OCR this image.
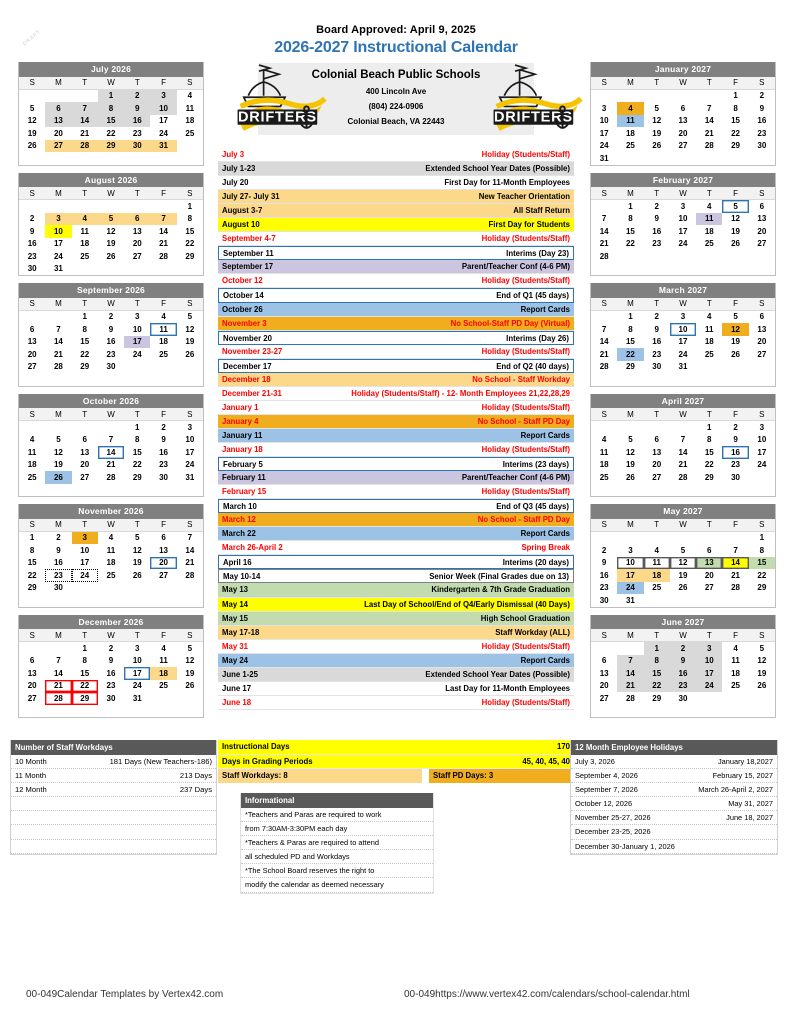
DRAFT	Board Approved: April 9, 2025
2026-2027 Instructional Calendar
Colonial Beach Public Schools
400 Lincoln Ave
(804) 224-0906
Colonial Beach, VA 22443
DRIFTERS	DRIFTERS
July 2026
S	M	T	W	T	F	S
			1	2	3	4
5	6	7	8	9	10	11
12	13	14	15	16	17	18
19	20	21	22	23	24	25
26	27	28	29	30	31	

August 2026
S	M	T	W	T	F	S
						1
2	3	4	5	6	7	8
9	10	11	12	13	14	15
16	17	18	19	20	21	22
23	24	25	26	27	28	29
30	31					
September 2026
S	M	T	W	T	F	S
		1	2	3	4	5
6	7	8	9	10	11	12
13	14	15	16	17	18	19
20	21	22	23	24	25	26
27	28	29	30			

October 2026
S	M	T	W	T	F	S
				1	2	3
4	5	6	7	8	9	10
11	12	13	14	15	16	17
18	19	20	21	22	23	24
25	26	27	28	29	30	31

November 2026
S	M	T	W	T	F	S
1	2	3	4	5	6	7
8	9	10	11	12	13	14
15	16	17	18	19	20	21
22	23	24	25	26	27	28
29	30					

December 2026
S	M	T	W	T	F	S
		1	2	3	4	5
6	7	8	9	10	11	12
13	14	15	16	17	18	19
20	21	22	23	24	25	26
27	28	29	30	31		

January 2027
S	M	T	W	T	F	S
					1	2
3	4	5	6	7	8	9
10	11	12	13	14	15	16
17	18	19	20	21	22	23
24	25	26	27	28	29	30
31						
February 2027
S	M	T	W	T	F	S
	1	2	3	4	5	6
7	8	9	10	11	12	13
14	15	16	17	18	19	20
21	22	23	24	25	26	27
28						

March 2027
S	M	T	W	T	F	S
	1	2	3	4	5	6
7	8	9	10	11	12	13
14	15	16	17	18	19	20
21	22	23	24	25	26	27
28	29	30	31			

April 2027
S	M	T	W	T	F	S
				1	2	3
4	5	6	7	8	9	10
11	12	13	14	15	16	17
18	19	20	21	22	23	24
25	26	27	28	29	30	

May 2027
S	M	T	W	T	F	S
						1
2	3	4	5	6	7	8
9	10	11	12	13	14	15
16	17	18	19	20	21	22
23	24	25	26	27	28	29
30	31					
June 2027
S	M	T	W	T	F	S
		1	2	3	4	5
6	7	8	9	10	11	12
13	14	15	16	17	18	19
20	21	22	23	24	25	26
27	28	29	30			

July 3	Holiday (Students/Staff)
July 1-23	Extended School Year Dates (Possible)
July 20	First Day for 11-Month Employees
July 27- July 31	New Teacher Orientation
August 3-7	All Staff Return
August 10	First Day for Students
September 4-7	Holiday (Students/Staff)
September 11	Interims (Day 23)
September 17	Parent/Teacher Conf (4-6 PM)
October 12	Holiday (Students/Staff)
October 14	End of Q1 (45 days)
October 26	Report Cards
November 3	No School-Staff PD Day (Virtual)
November 20	Interims (Day 26)
November 23-27	Holiday (Students/Staff)
December 17	End of Q2 (40 days)
December 18	No School - Staff Workday
December 21-31	Holiday (Students/Staff) - 12- Month Employees 21,22,28,29
January 1	Holiday (Students/Staff)
January 4	No School - Staff PD Day
January 11	Report Cards
January 18	Holiday (Students/Staff)
February 5	Interims (23 days)
February 11	Parent/Teacher Conf (4-6 PM)
February 15	Holiday (Students/Staff)
March 10	End of Q3 (45 days)
March 12	No School - Staff PD Day
March 22	Report Cards
March 26-April 2	Spring Break
April 16	Interims (20 days)
May 10-14	Senior Week (Final Grades due on 13)
May 13	Kindergarten & 7th Grade Graduation
May 14	Last Day of School/End of Q4/Early Dismissal (40 Days)
May 15	High School Graduation
May 17-18	Staff Workday (ALL)
May 31	Holiday (Students/Staff)
May 24	Report Cards
June 1-25	Extended School Year Dates (Possible)
June 17	Last Day for 11-Month Employees
June 18	Holiday (Students/Staff)
Number of Staff Workdays
10 Month	181 Days (New Teachers-186)
11 Month	213 Days
12 Month	237 Days
Instructional Days	170
Days in Grading Periods	45, 40, 45, 40
Staff Workdays: 8	Staff PD Days: 3
Informational
*Teachers and Paras are required to work
from 7:30AM-3:30PM each day
*Teachers & Paras are required to attend
all scheduled PD and Workdays
*The School Board reserves the right to
modify the calendar as deemed necessary
12 Month Employee Holidays
July 3, 2026	January 18,2027
September 4, 2026	February 15, 2027
September 7, 2026	March 26-April 2, 2027
October 12, 2026	May 31, 2027
November 25-27, 2026	June 18, 2027
December 23-25, 2026
December 30-January 1, 2026
00-049Calendar Templates by Vertex42.com	00-049https://www.vertex42.com/calendars/school-calendar.html
